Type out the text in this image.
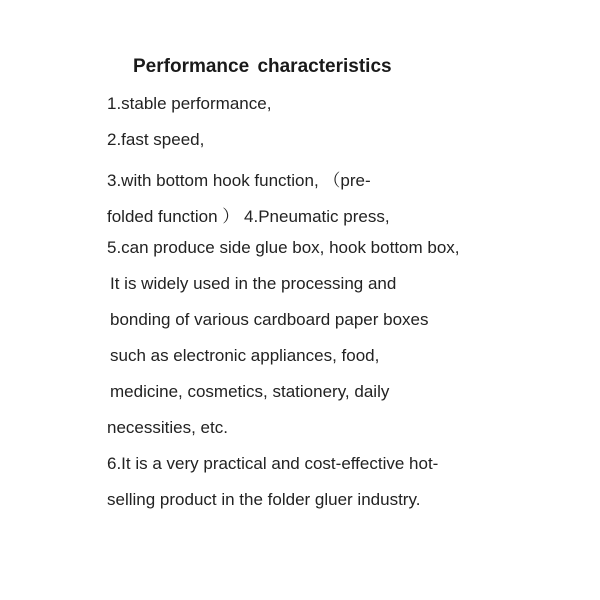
Performance characteristics
1.stable performance,
2.fast speed,
3.with bottom hook function, （pre-
folded function ） 4.Pneumatic press,
5.can produce side glue box, hook bottom box,
It is widely used in the processing and
bonding of various cardboard paper boxes
such as electronic appliances, food,
medicine, cosmetics, stationery, daily
necessities, etc.
6.It is a very practical and cost-effective hot-
selling product in the folder gluer industry.
